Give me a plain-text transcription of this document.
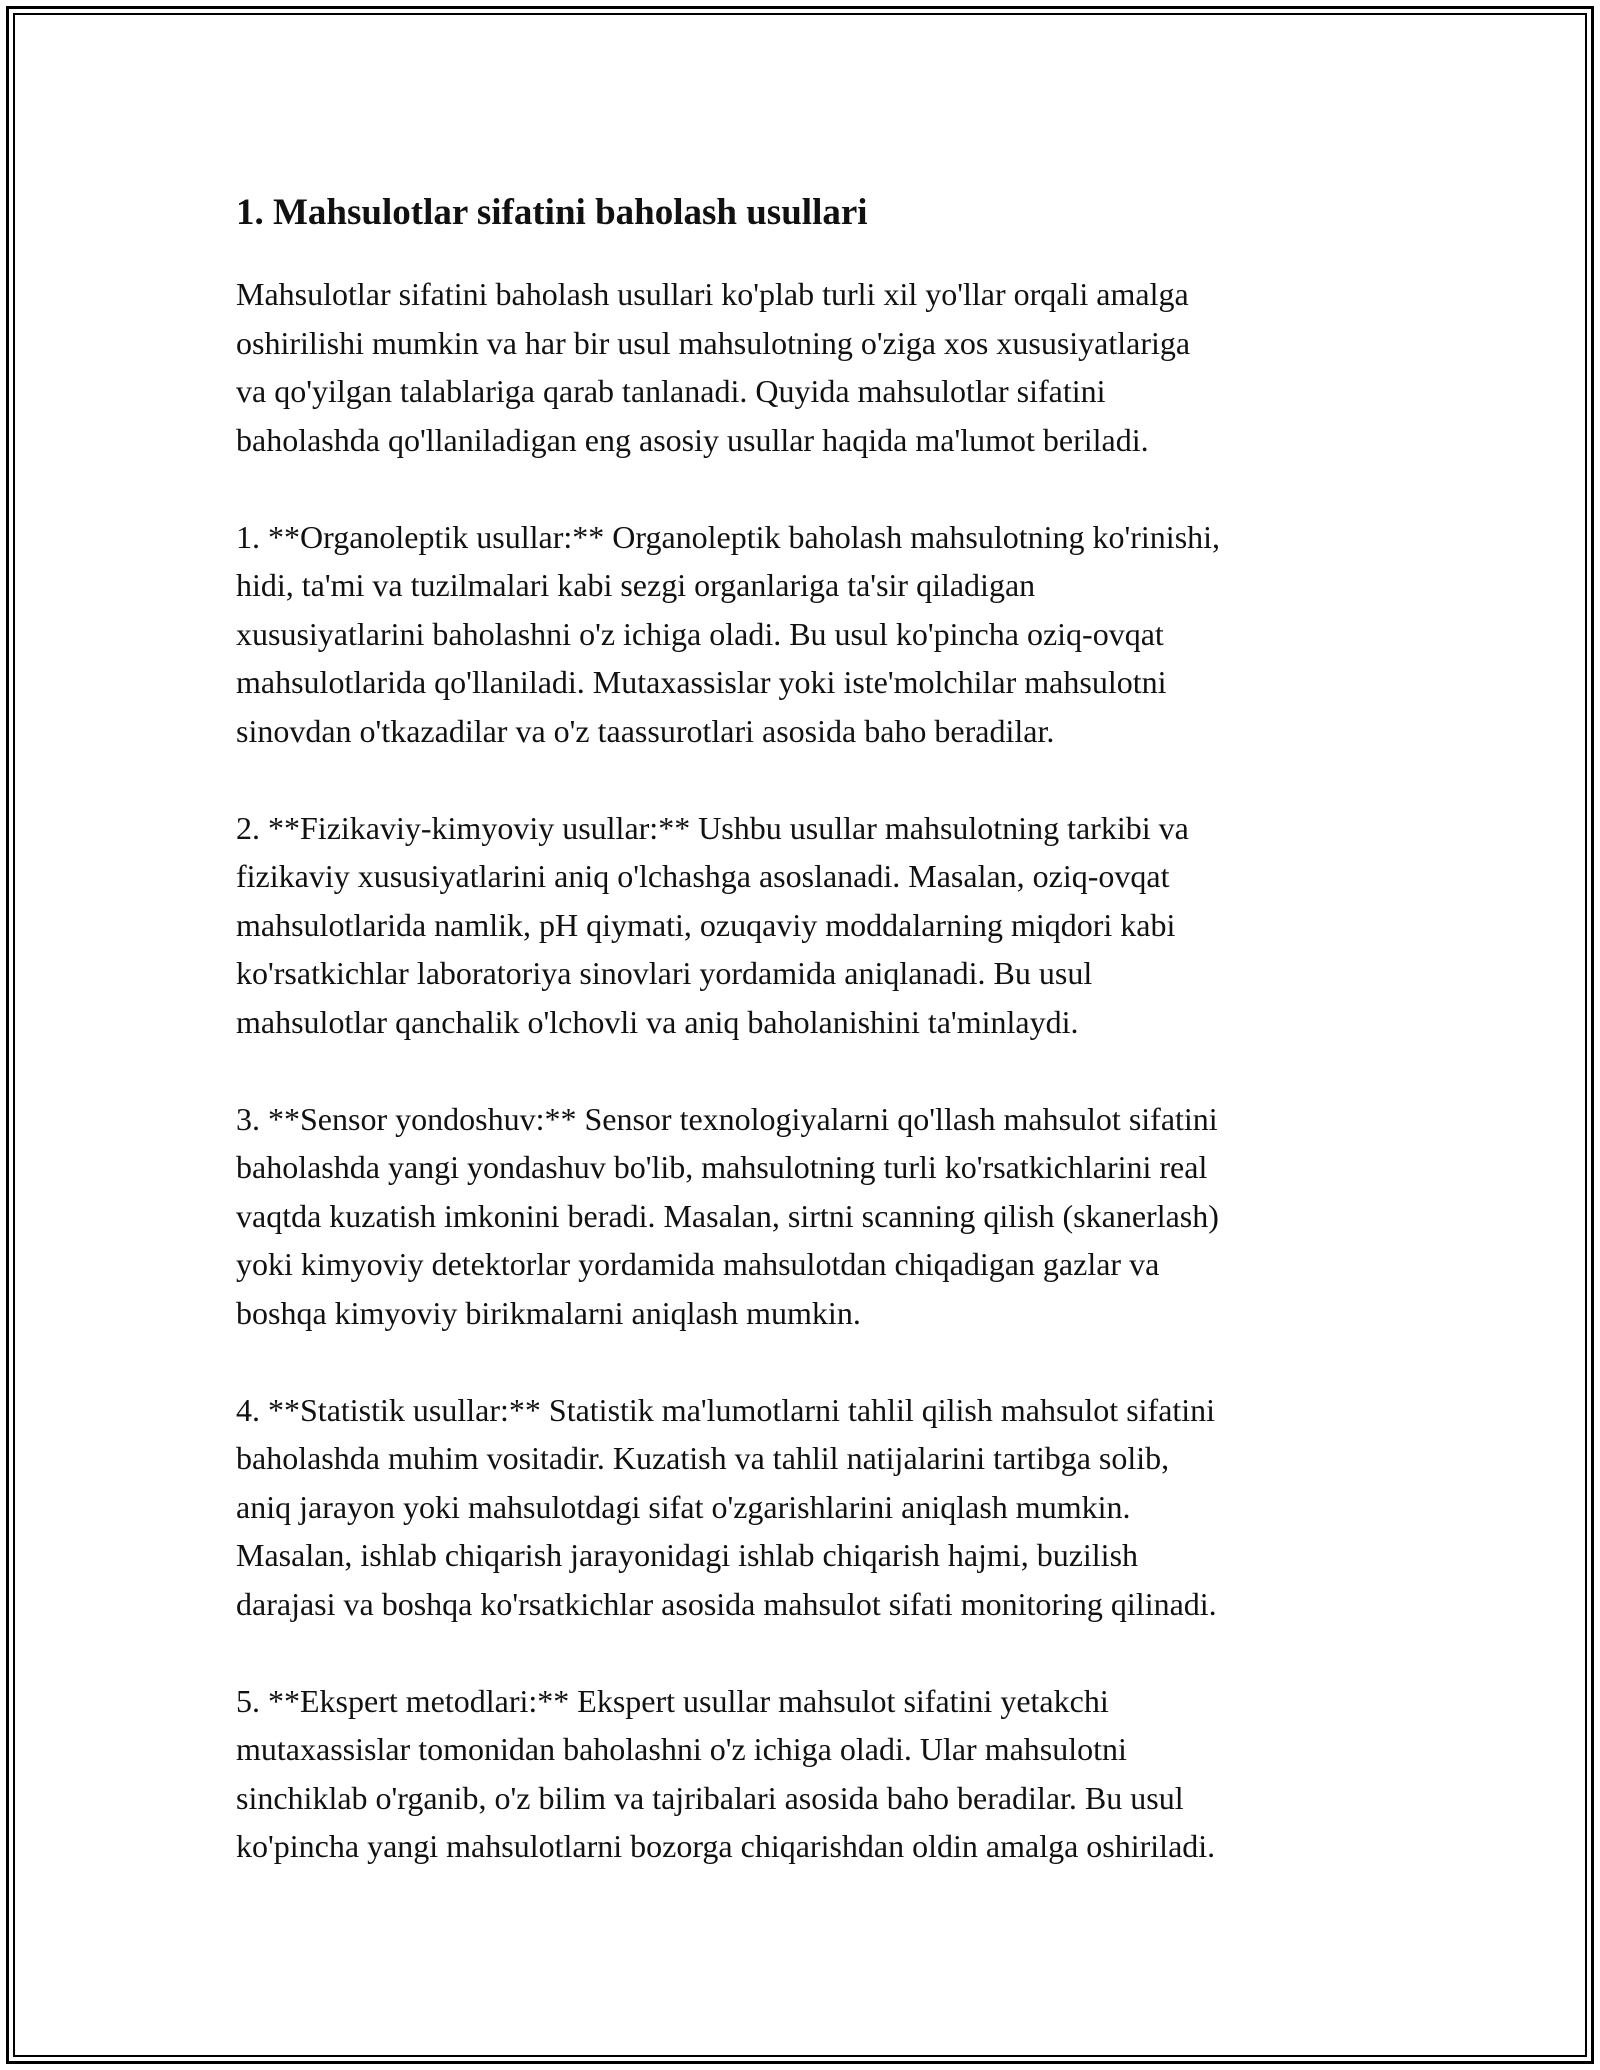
1. Mahsulotlar sifatini baholash usullari
Mahsulotlar sifatini baholash usullari ko'plab turli xil yo'llar orqali amalga
oshirilishi mumkin va har bir usul mahsulotning o'ziga xos xususiyatlariga
va qo'yilgan talablariga qarab tanlanadi. Quyida mahsulotlar sifatini
baholashda qo'llaniladigan eng asosiy usullar haqida ma'lumot beriladi.
1. **Organoleptik usullar:** Organoleptik baholash mahsulotning ko'rinishi,
hidi, ta'mi va tuzilmalari kabi sezgi organlariga ta'sir qiladigan
xususiyatlarini baholashni o'z ichiga oladi. Bu usul ko'pincha oziq-ovqat
mahsulotlarida qo'llaniladi. Mutaxassislar yoki iste'molchilar mahsulotni
sinovdan o'tkazadilar va o'z taassurotlari asosida baho beradilar.
2. **Fizikaviy-kimyoviy usullar:** Ushbu usullar mahsulotning tarkibi va
fizikaviy xususiyatlarini aniq o'lchashga asoslanadi. Masalan, oziq-ovqat
mahsulotlarida namlik, pH qiymati, ozuqaviy moddalarning miqdori kabi
ko'rsatkichlar laboratoriya sinovlari yordamida aniqlanadi. Bu usul
mahsulotlar qanchalik o'lchovli va aniq baholanishini ta'minlaydi.
3. **Sensor yondoshuv:** Sensor texnologiyalarni qo'llash mahsulot sifatini
baholashda yangi yondashuv bo'lib, mahsulotning turli ko'rsatkichlarini real
vaqtda kuzatish imkonini beradi. Masalan, sirtni scanning qilish (skanerlash)
yoki kimyoviy detektorlar yordamida mahsulotdan chiqadigan gazlar va
boshqa kimyoviy birikmalarni aniqlash mumkin.
4. **Statistik usullar:** Statistik ma'lumotlarni tahlil qilish mahsulot sifatini
baholashda muhim vositadir. Kuzatish va tahlil natijalarini tartibga solib,
aniq jarayon yoki mahsulotdagi sifat o'zgarishlarini aniqlash mumkin.
Masalan, ishlab chiqarish jarayonidagi ishlab chiqarish hajmi, buzilish
darajasi va boshqa ko'rsatkichlar asosida mahsulot sifati monitoring qilinadi.
5. **Ekspert metodlari:** Ekspert usullar mahsulot sifatini yetakchi
mutaxassislar tomonidan baholashni o'z ichiga oladi. Ular mahsulotni
sinchiklab o'rganib, o'z bilim va tajribalari asosida baho beradilar. Bu usul
ko'pincha yangi mahsulotlarni bozorga chiqarishdan oldin amalga oshiriladi.
